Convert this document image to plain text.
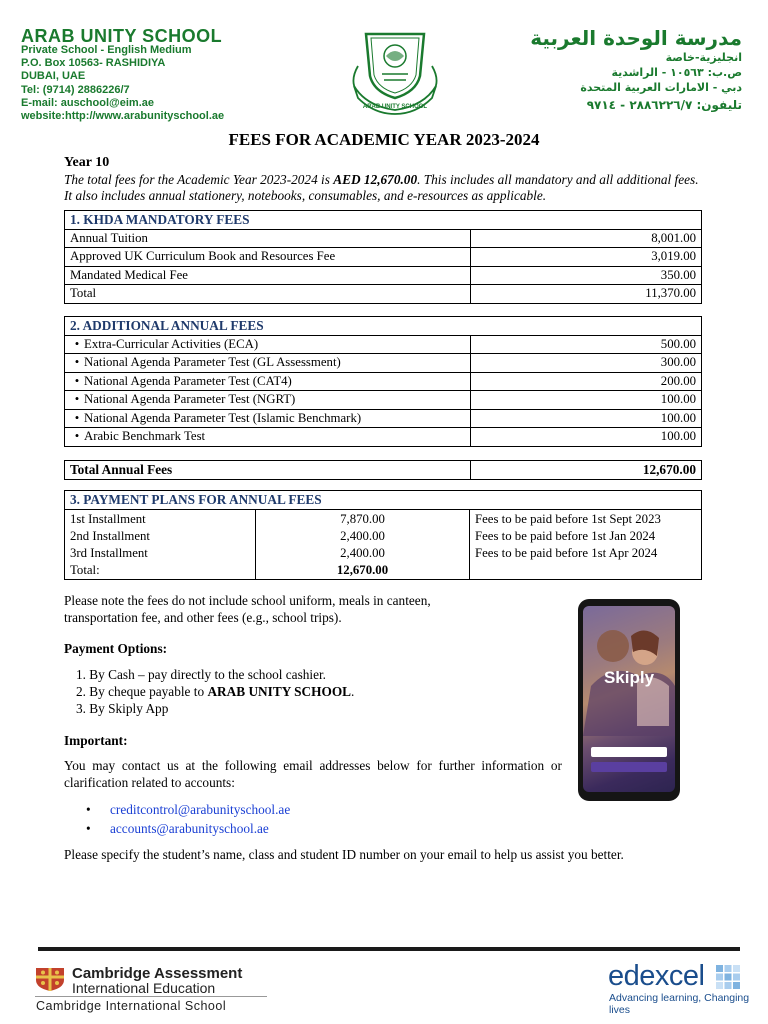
ARAB UNITY SCHOOL
Private School - English Medium
P.O. Box 10563- RASHIDIYA
DUBAI, UAE
Tel: (9714) 2886226/7
E-mail: auschool@eim.ae
website:http://www.arabunityschool.ae
ARAB UNITY SCHOOL
مدرسة الوحدة العربية
انجليزية-خاصة
ص.ب: ١٠٥٦٣ - الراشدية
دبي - الامارات العربية المتحدة
تليفون: ٢٨٨٦٢٢٦/٧ - ٩٧١٤
FEES FOR ACADEMIC YEAR 2023-2024
Year 10
The total fees for the Academic Year 2023-2024 is AED 12,670.00. This includes all mandatory and all additional fees. It also includes annual stationery, notebooks, consumables, and e-resources as applicable.
1. KHDA MANDATORY FEES	
Annual Tuition	8,001.00
Approved UK Curriculum Book and Resources Fee	3,019.00
Mandated Medical Fee	350.00
Total	11,370.00
2. ADDITIONAL ANNUAL FEES	
• Extra-Curricular Activities (ECA)	500.00
• National Agenda Parameter Test (GL Assessment)	300.00
• National Agenda Parameter Test (CAT4)	200.00
• National Agenda Parameter Test (NGRT)	100.00
• National Agenda Parameter Test (Islamic Benchmark)	100.00
• Arabic Benchmark Test	100.00
Total Annual Fees	12,670.00
3. PAYMENT PLANS FOR ANNUAL FEES		
1st Installment	7,870.00	Fees to be paid before 1st Sept 2023
2nd Installment	2,400.00	Fees to be paid before 1st Jan 2024
3rd Installment	2,400.00	Fees to be paid before 1st Apr 2024
Total:	12,670.00	
Please note the fees do not include school uniform, meals in canteen, transportation fee, and other fees (e.g., school trips).
Payment Options:
1. By Cash – pay directly to the school cashier.
2. By cheque payable to ARAB UNITY SCHOOL.
3. By Skiply App
Important:
You may contact us at the following email addresses below for further information or clarification related to accounts:
• creditcontrol@arabunityschool.ae
• accounts@arabunityschool.ae
Please specify the student’s name, class and student ID number on your email to help us assist you better.
Skiply
Cambridge Assessment
International Education
Cambridge International School
edexcel
Advancing learning, Changing lives
